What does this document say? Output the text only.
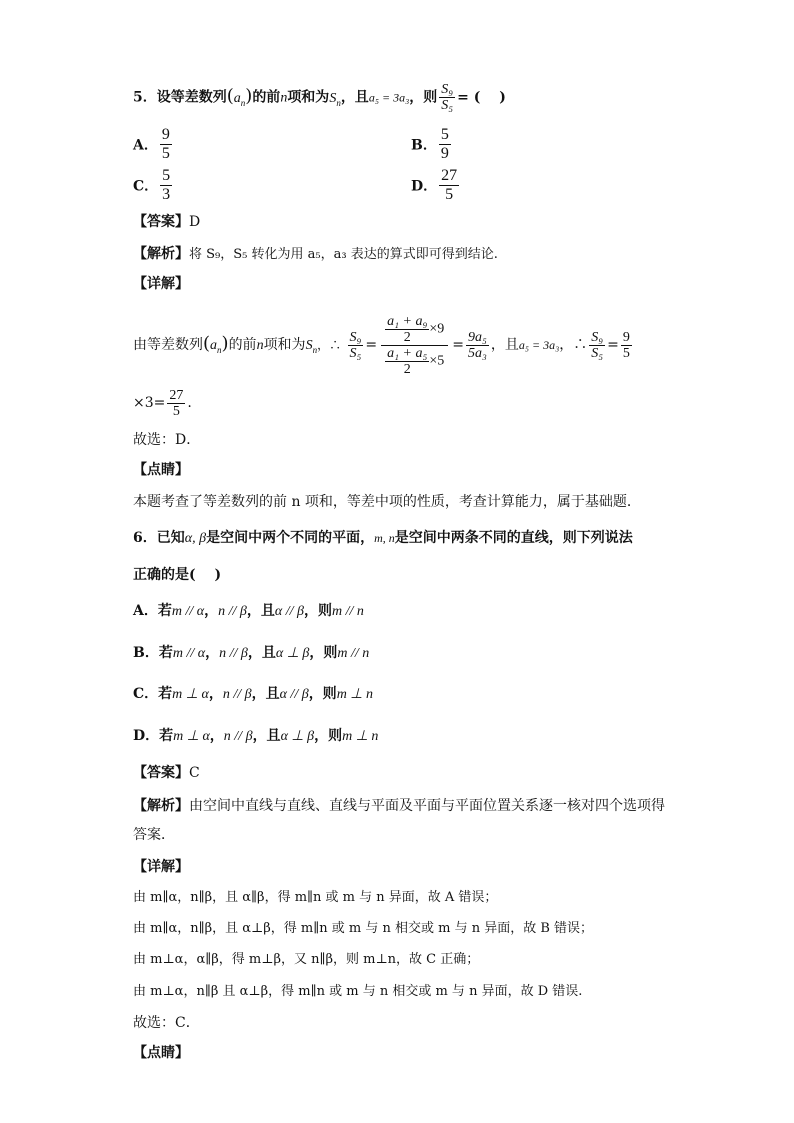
5．设等差数列$(a_n)$的前n项和为$S_n$，且a₅ = 3a₃，则 $\frac{\text{S₉}}{\text{S₅}}$ = (　 )
A． $\frac{9}{5}$	B． $\frac{5}{9}$
C． $\frac{5}{3}$	D． $\frac{27}{5}$
【答案】D
【解析】将 S₉，S₅ 转化为用 a₅，a₃ 表达的算式即可得到结论.
【详解】
由等差数列$(a_n)$的前n项和为$S_n$，∴ $\frac{\text{S₉}}{\text{S₅}} = \frac{\frac{\text{a₁ + a₉}}{2} \times 9}{\frac{\text{a₁ + a₅}}{2} \times 5} = \frac{\text{9a₅}}{\text{5a₃}}$ ，且a₅ = 3a₃，∴ $\frac{\text{S₉}}{\text{S₅}} = \frac{9}{5}$
$\times 3= \frac{27}{5}$ .
故选：D．
【点睛】
本题考查了等差数列的前 n 项和，等差中项的性质，考查计算能力，属于基础题．
6．已知α, β是空间中两个不同的平面，m, n是空间中两条不同的直线，则下列说法
正确的是(　 )
A．若m // α，n // β，且α // β，则m // n
B．若m // α，n // β，且α ⊥ β，则m // n
C．若m ⊥ α，n // β，且α // β，则m ⊥ n
D．若m ⊥ α，n // β，且α ⊥ β，则m ⊥ n
【答案】C
【解析】由空间中直线与直线、直线与平面及平面与平面位置关系逐一核对四个选项得
答案．
【详解】
由 m∥α，n∥β，且 α∥β，得 m∥n 或 m 与 n 异面，故 A 错误；
由 m∥α，n∥β，且 α⊥β，得 m∥n 或 m 与 n 相交或 m 与 n 异面，故 B 错误；
由 m⊥α，α∥β，得 m⊥β，又 n∥β，则 m⊥n，故 C 正确；
由 m⊥α，n∥β 且 α⊥β，得 m∥n 或 m 与 n 相交或 m 与 n 异面，故 D 错误.
故选：C．
【点睛】
